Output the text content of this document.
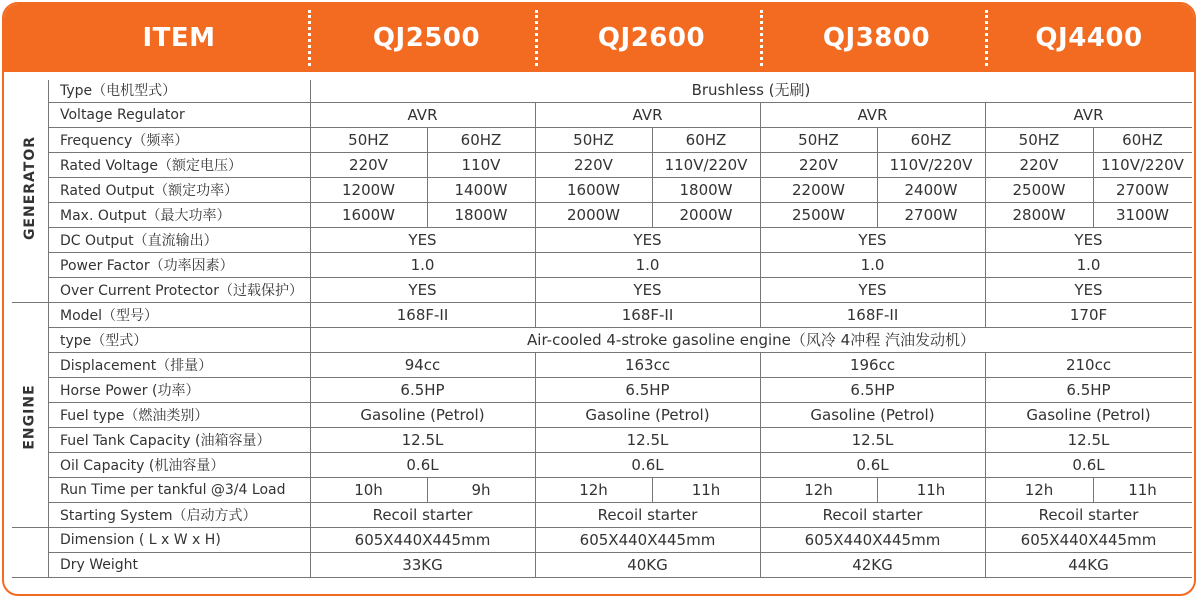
ITEM	QJ2500	QJ2600	QJ3800	QJ4400
GENERATOR
ENGINE
Type（电机型式）	Brushless (无刷)
Voltage Regulator	AVR	AVR	AVR	AVR
Frequency（频率）	50HZ	60HZ	50HZ	60HZ	50HZ	60HZ	50HZ	60HZ
Rated Voltage（额定电压）	220V	110V	220V	110V/220V	220V	110V/220V	220V	110V/220V
Rated Output（额定功率）	1200W	1400W	1600W	1800W	2200W	2400W	2500W	2700W
Max. Output（最大功率）	1600W	1800W	2000W	2000W	2500W	2700W	2800W	3100W
DC Output（直流输出）	YES	YES	YES	YES
Power Factor（功率因素）	1.0	1.0	1.0	1.0
Over Current Protector（过载保护）	YES	YES	YES	YES
Model（型号）	168F-II	168F-II	168F-II	170F
type（型式）	Air-cooled 4-stroke gasoline engine（风冷 4冲程 汽油发动机）
Displacement（排量）	94cc	163cc	196cc	210cc
Horse Power (功率）	6.5HP	6.5HP	6.5HP	6.5HP
Fuel type（燃油类别）	Gasoline (Petrol)	Gasoline (Petrol)	Gasoline (Petrol)	Gasoline (Petrol)
Fuel Tank Capacity (油箱容量）	12.5L	12.5L	12.5L	12.5L
Oil Capacity (机油容量）	0.6L	0.6L	0.6L	0.6L
Run Time per tankful @3/4 Load	10h	9h	12h	11h	12h	11h	12h	11h
Starting System（启动方式）	Recoil starter	Recoil starter	Recoil starter	Recoil starter
Dimension ( L x W x H)	605X440X445mm	605X440X445mm	605X440X445mm	605X440X445mm
Dry Weight	33KG	40KG	42KG	44KG
